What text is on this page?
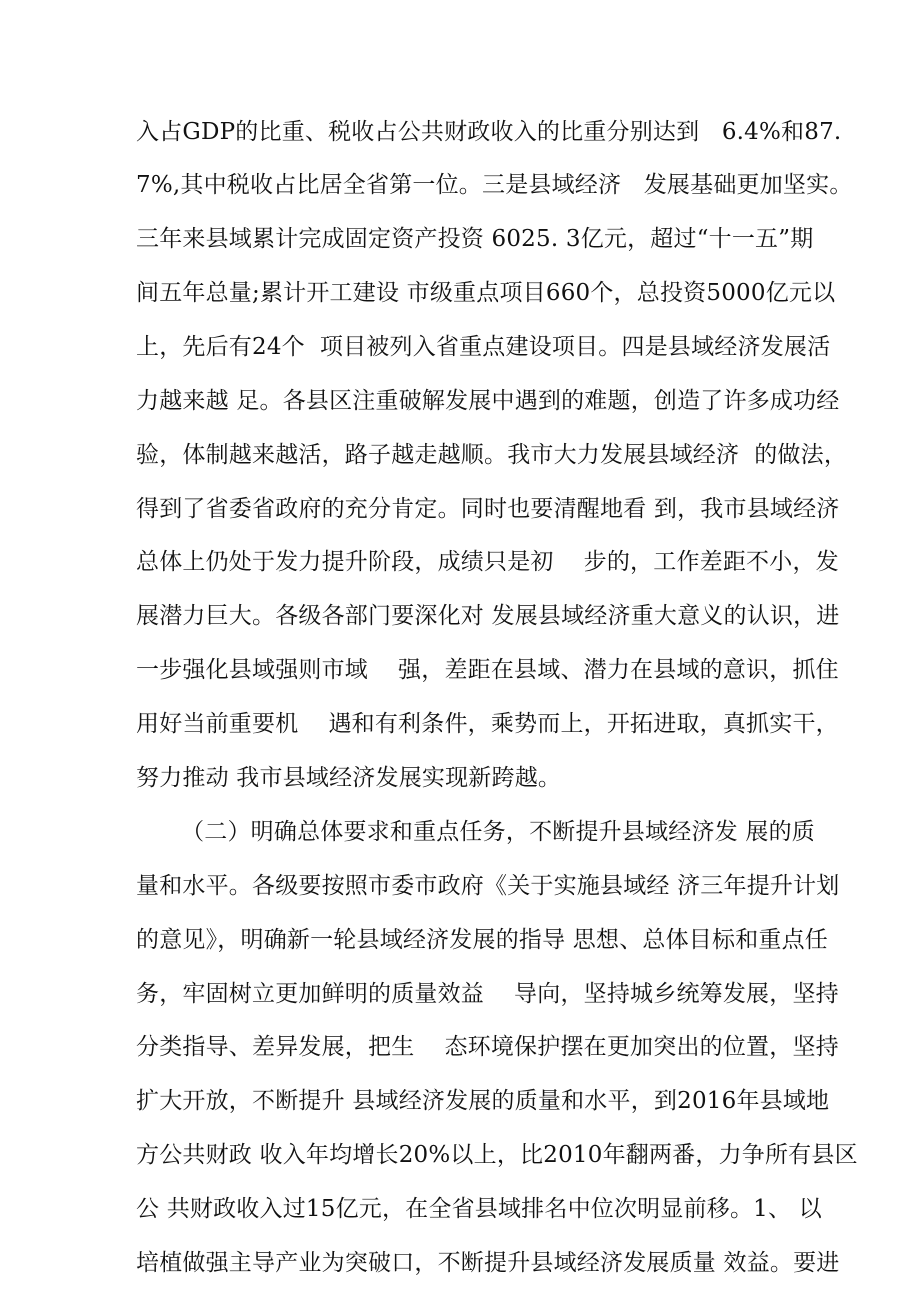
入占GDP的比重、税收占公共财政收入的比重分别达到   6.4%和87.
7%,其中税收占比居全省第一位。三是县域经济   发展基础更加坚实。
三年来县域累计完成固定资产投资 6025. 3亿元，超过“十一五”期
间五年总量;累计开工建设 市级重点项目660个，总投资5000亿元以
上，先后有24个  项目被列入省重点建设项目。四是县域经济发展活
力越来越 足。各县区注重破解发展中遇到的难题，创造了许多成功经
验，体制越来越活，路子越走越顺。我市大力发展县域经济  的做法，
得到了省委省政府的充分肯定。同时也要清醒地看 到，我市县域经济
总体上仍处于发力提升阶段，成绩只是初    步的，工作差距不小，发
展潜力巨大。各级各部门要深化对 发展县域经济重大意义的认识，进
一步强化县域强则市域    强，差距在县域、潜力在县域的意识，抓住
用好当前重要机    遇和有利条件，乘势而上，开拓进取，真抓实干，
努力推动 我市县域经济发展实现新跨越。
（二）明确总体要求和重点任务，不断提升县域经济发 展的质
量和水平。各级要按照市委市政府《关于实施县域经 济三年提升计划
的意见》，明确新一轮县域经济发展的指导 思想、总体目标和重点任
务，牢固树立更加鲜明的质量效益    导向，坚持城乡统筹发展，坚持
分类指导、差异发展，把生    态环境保护摆在更加突出的位置，坚持
扩大开放，不断提升 县域经济发展的质量和水平，到2016年县域地
方公共财政 收入年均增长20%以上，比2010年翻两番，力争所有县区
公 共财政收入过15亿元，在全省县域排名中位次明显前移。1、 以
培植做强主导产业为突破口，不断提升县域经济发展质量 效益。要进
